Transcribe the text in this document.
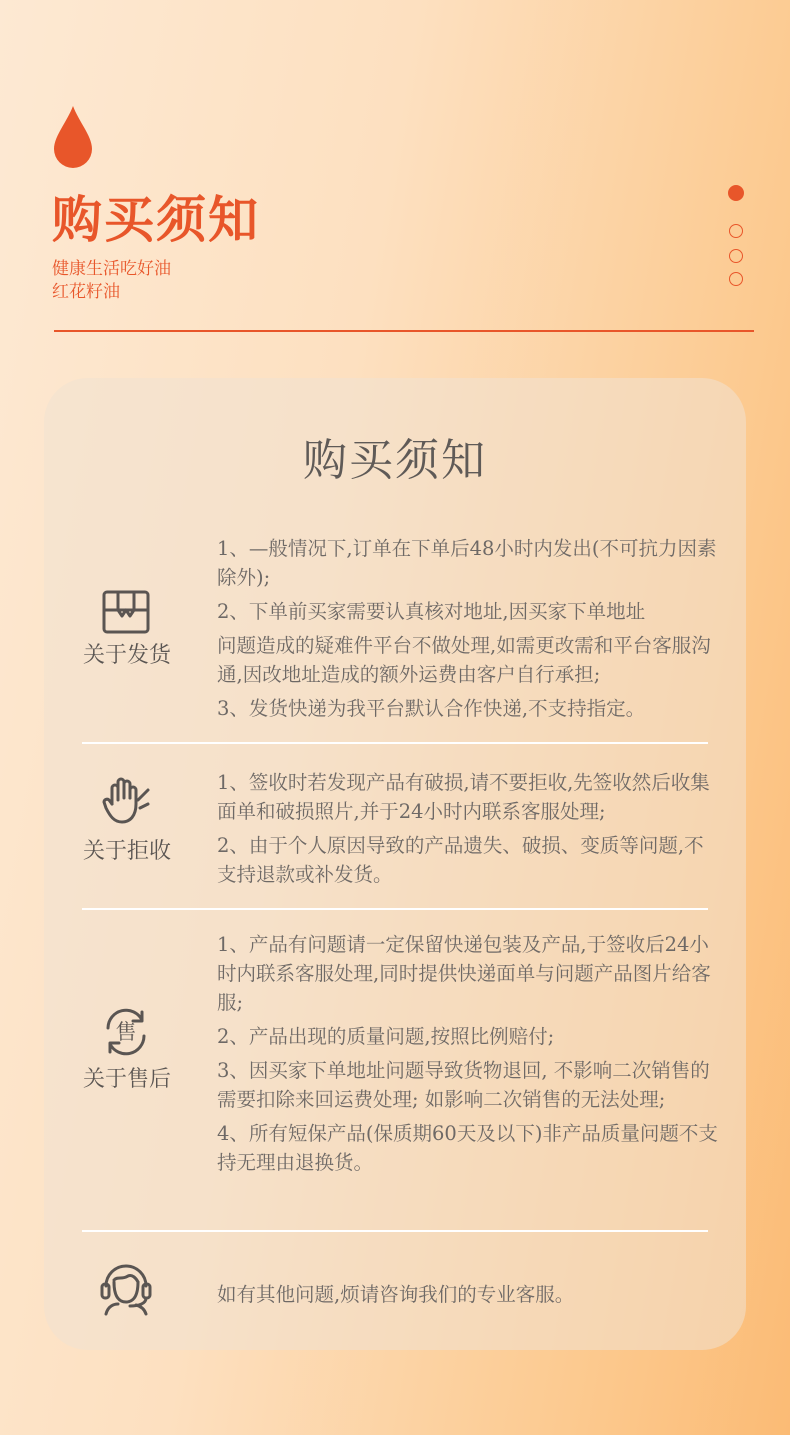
购买须知
健康生活吃好油
红花籽油
购买须知
关于发货

1、—般情况下,订单在下单后48小时内发出(不可抗力因素除外);

2、下单前买家需要认真核对地址,因买家下单地址

问题造成的疑难件平台不做处理,如需更改需和平台客服沟通,因改地址造成的额外运费由客户自行承担;

3、发货快递为我平台默认合作快递,不支持指定。

关于拒收

1、签收时若发现产品有破损,请不要拒收,先签收然后收集面单和破损照片,并于24小时内联系客服处理;

2、由于个人原因导致的产品遗失、破损、变质等问题,不支持退款或补发货。

售
关于售后

1、产品有问题请一定保留快递包装及产品,于签收后24小时内联系客服处理,同时提供快递面单与问题产品图片给客服;

2、产品出现的质量问题,按照比例赔付;

3、因买家下单地址问题导致货物退回, 不影响二次销售的需要扣除来回运费处理; 如影响二次销售的无法处理;

4、所有短保产品(保质期60天及以下)非产品质量问题不支持无理由退换货。

如有其他问题,烦请咨询我们的专业客服。
